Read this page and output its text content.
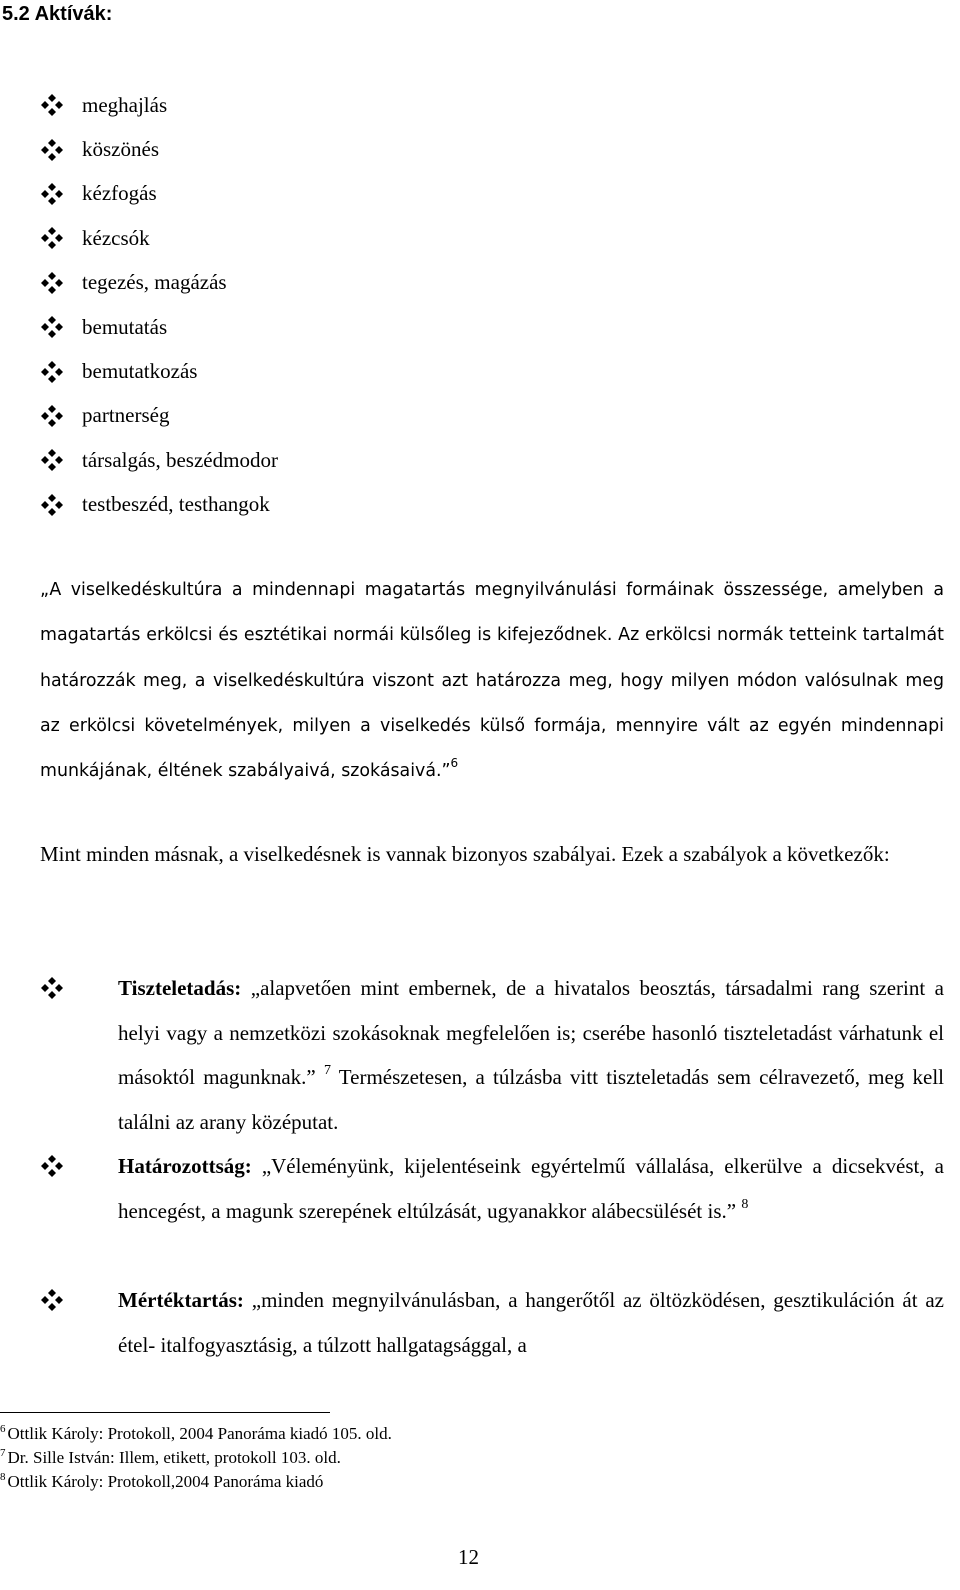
5.2 Aktívák:
meghajlás
köszönés
kézfogás
kézcsók
tegezés, magázás
bemutatás
bemutatkozás
partnerség
társalgás, beszédmodor
testbeszéd, testhangok

„A viselkedéskultúra a mindennapi magatartás megnyilvánulási formáinak összessége, amelyben a magatartás erkölcsi és esztétikai normái külsőleg is kifejeződnek. Az erkölcsi normák tetteink tartalmát határozzák meg, a viselkedéskultúra viszont azt határozza meg, hogy milyen módon valósulnak meg az erkölcsi követelmények, milyen a viselkedés külső formája, mennyire vált az egyén mindennapi munkájának, éltének szabályaivá, szokásaivá.”$^6$

Mint minden másnak, a viselkedésnek is vannak bizonyos szabályai. Ezek a szabályok a következők:

Tiszteletadás: „alapvetően mint embernek, de a hivatalos beosztás, társadalmi rang szerint a helyi vagy a nemzetközi szokásoknak megfelelően is; cserébe hasonló tiszteletadást várhatunk el másoktól magunknak.” $^7$ Természetesen, a túlzásba vitt tiszteletadás sem célravezető, meg kell találni az arany középutat.

Határozottság: „Véleményünk, kijelentéseink egyértelmű vállalása, elkerülve a dicsekvést, a hencegést, a magunk szerepének eltúlzását, ugyanakkor alábecsülését is.” $^8$

Mértéktartás: „minden megnyilvánulásban, a hangerőtől az öltözködésen, gesztikuláción át az étel- italfogyasztásig, a túlzott hallgatagsággal, a

$^6$ Ottlik Károly: Protokoll, 2004 Panoráma kiadó 105. old.
$^7$ Dr. Sille István: Illem, etikett, protokoll 103. old.
$^8$ Ottlik Károly: Protokoll,2004 Panoráma kiadó
12
